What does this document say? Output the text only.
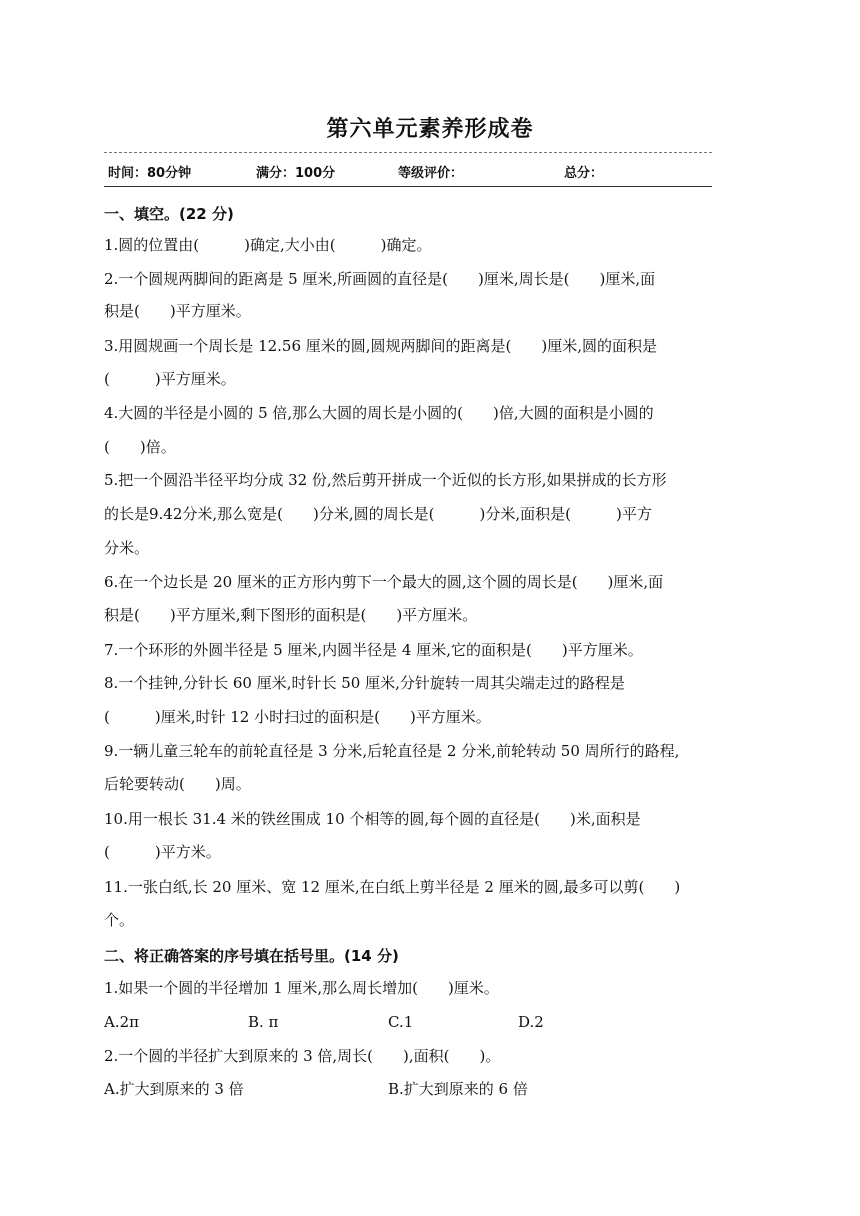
第六单元素养形成卷
时间：80分钟	满分：100分	等级评价：	总分：
一、填空。(22 分)
1.圆的位置由(　　　)确定,大小由(　　　)确定。
2.一个圆规两脚间的距离是 5 厘米,所画圆的直径是(　　)厘米,周长是(　　)厘米,面
积是(　　)平方厘米。
3.用圆规画一个周长是 12.56 厘米的圆,圆规两脚间的距离是(　　)厘米,圆的面积是
(　　　)平方厘米。
4.大圆的半径是小圆的 5 倍,那么大圆的周长是小圆的(　　)倍,大圆的面积是小圆的
(　　)倍。
5.把一个圆沿半径平均分成 32 份,然后剪开拼成一个近似的长方形,如果拼成的长方形
的长是9.42分米,那么宽是(　　)分米,圆的周长是(　　　)分米,面积是(　　　)平方
分米。
6.在一个边长是 20 厘米的正方形内剪下一个最大的圆,这个圆的周长是(　　)厘米,面
积是(　　)平方厘米,剩下图形的面积是(　　)平方厘米。
7.一个环形的外圆半径是 5 厘米,内圆半径是 4 厘米,它的面积是(　　)平方厘米。
8.一个挂钟,分针长 60 厘米,时针长 50 厘米,分针旋转一周其尖端走过的路程是
(　　　)厘米,时针 12 小时扫过的面积是(　　)平方厘米。
9.一辆儿童三轮车的前轮直径是 3 分米,后轮直径是 2 分米,前轮转动 50 周所行的路程,
后轮要转动(　　)周。
10.用一根长 31.4 米的铁丝围成 10 个相等的圆,每个圆的直径是(　　)米,面积是
(　　　)平方米。
11.一张白纸,长 20 厘米、宽 12 厘米,在白纸上剪半径是 2 厘米的圆,最多可以剪(　　)
个。
二、将正确答案的序号填在括号里。(14 分)
1.如果一个圆的半径增加 1 厘米,那么周长增加(　　)厘米。
A.2π	B. π	C.1	D.2
2.一个圆的半径扩大到原来的 3 倍,周长(　　),面积(　　)。
A.扩大到原来的 3 倍	B.扩大到原来的 6 倍
